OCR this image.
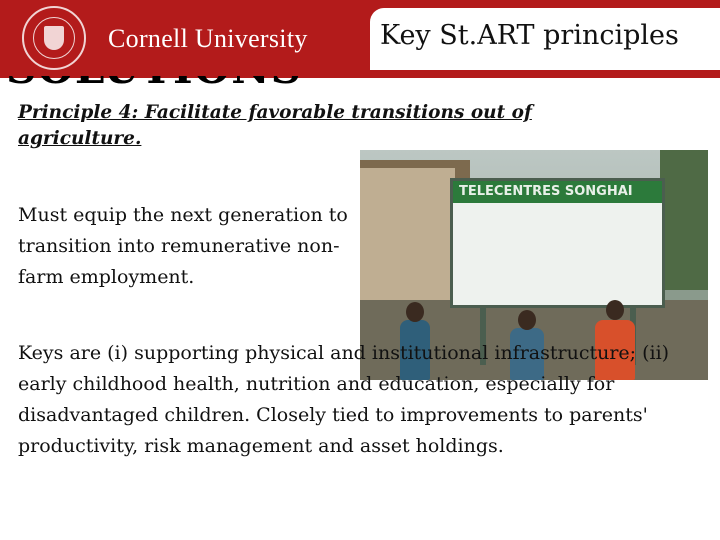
Cornell University	Key St.ART principles
Principle 4: Facilitate favorable transitions out of agriculture.
TELECENTRES SONGHAI
Must equip the next generation to transition into remunerative non-farm employment.
Keys are (i) supporting physical and institutional infrastructure; (ii) early childhood health, nutrition and education, especially for disadvantaged children. Closely tied to improvements to parents' productivity, risk management and asset holdings.
